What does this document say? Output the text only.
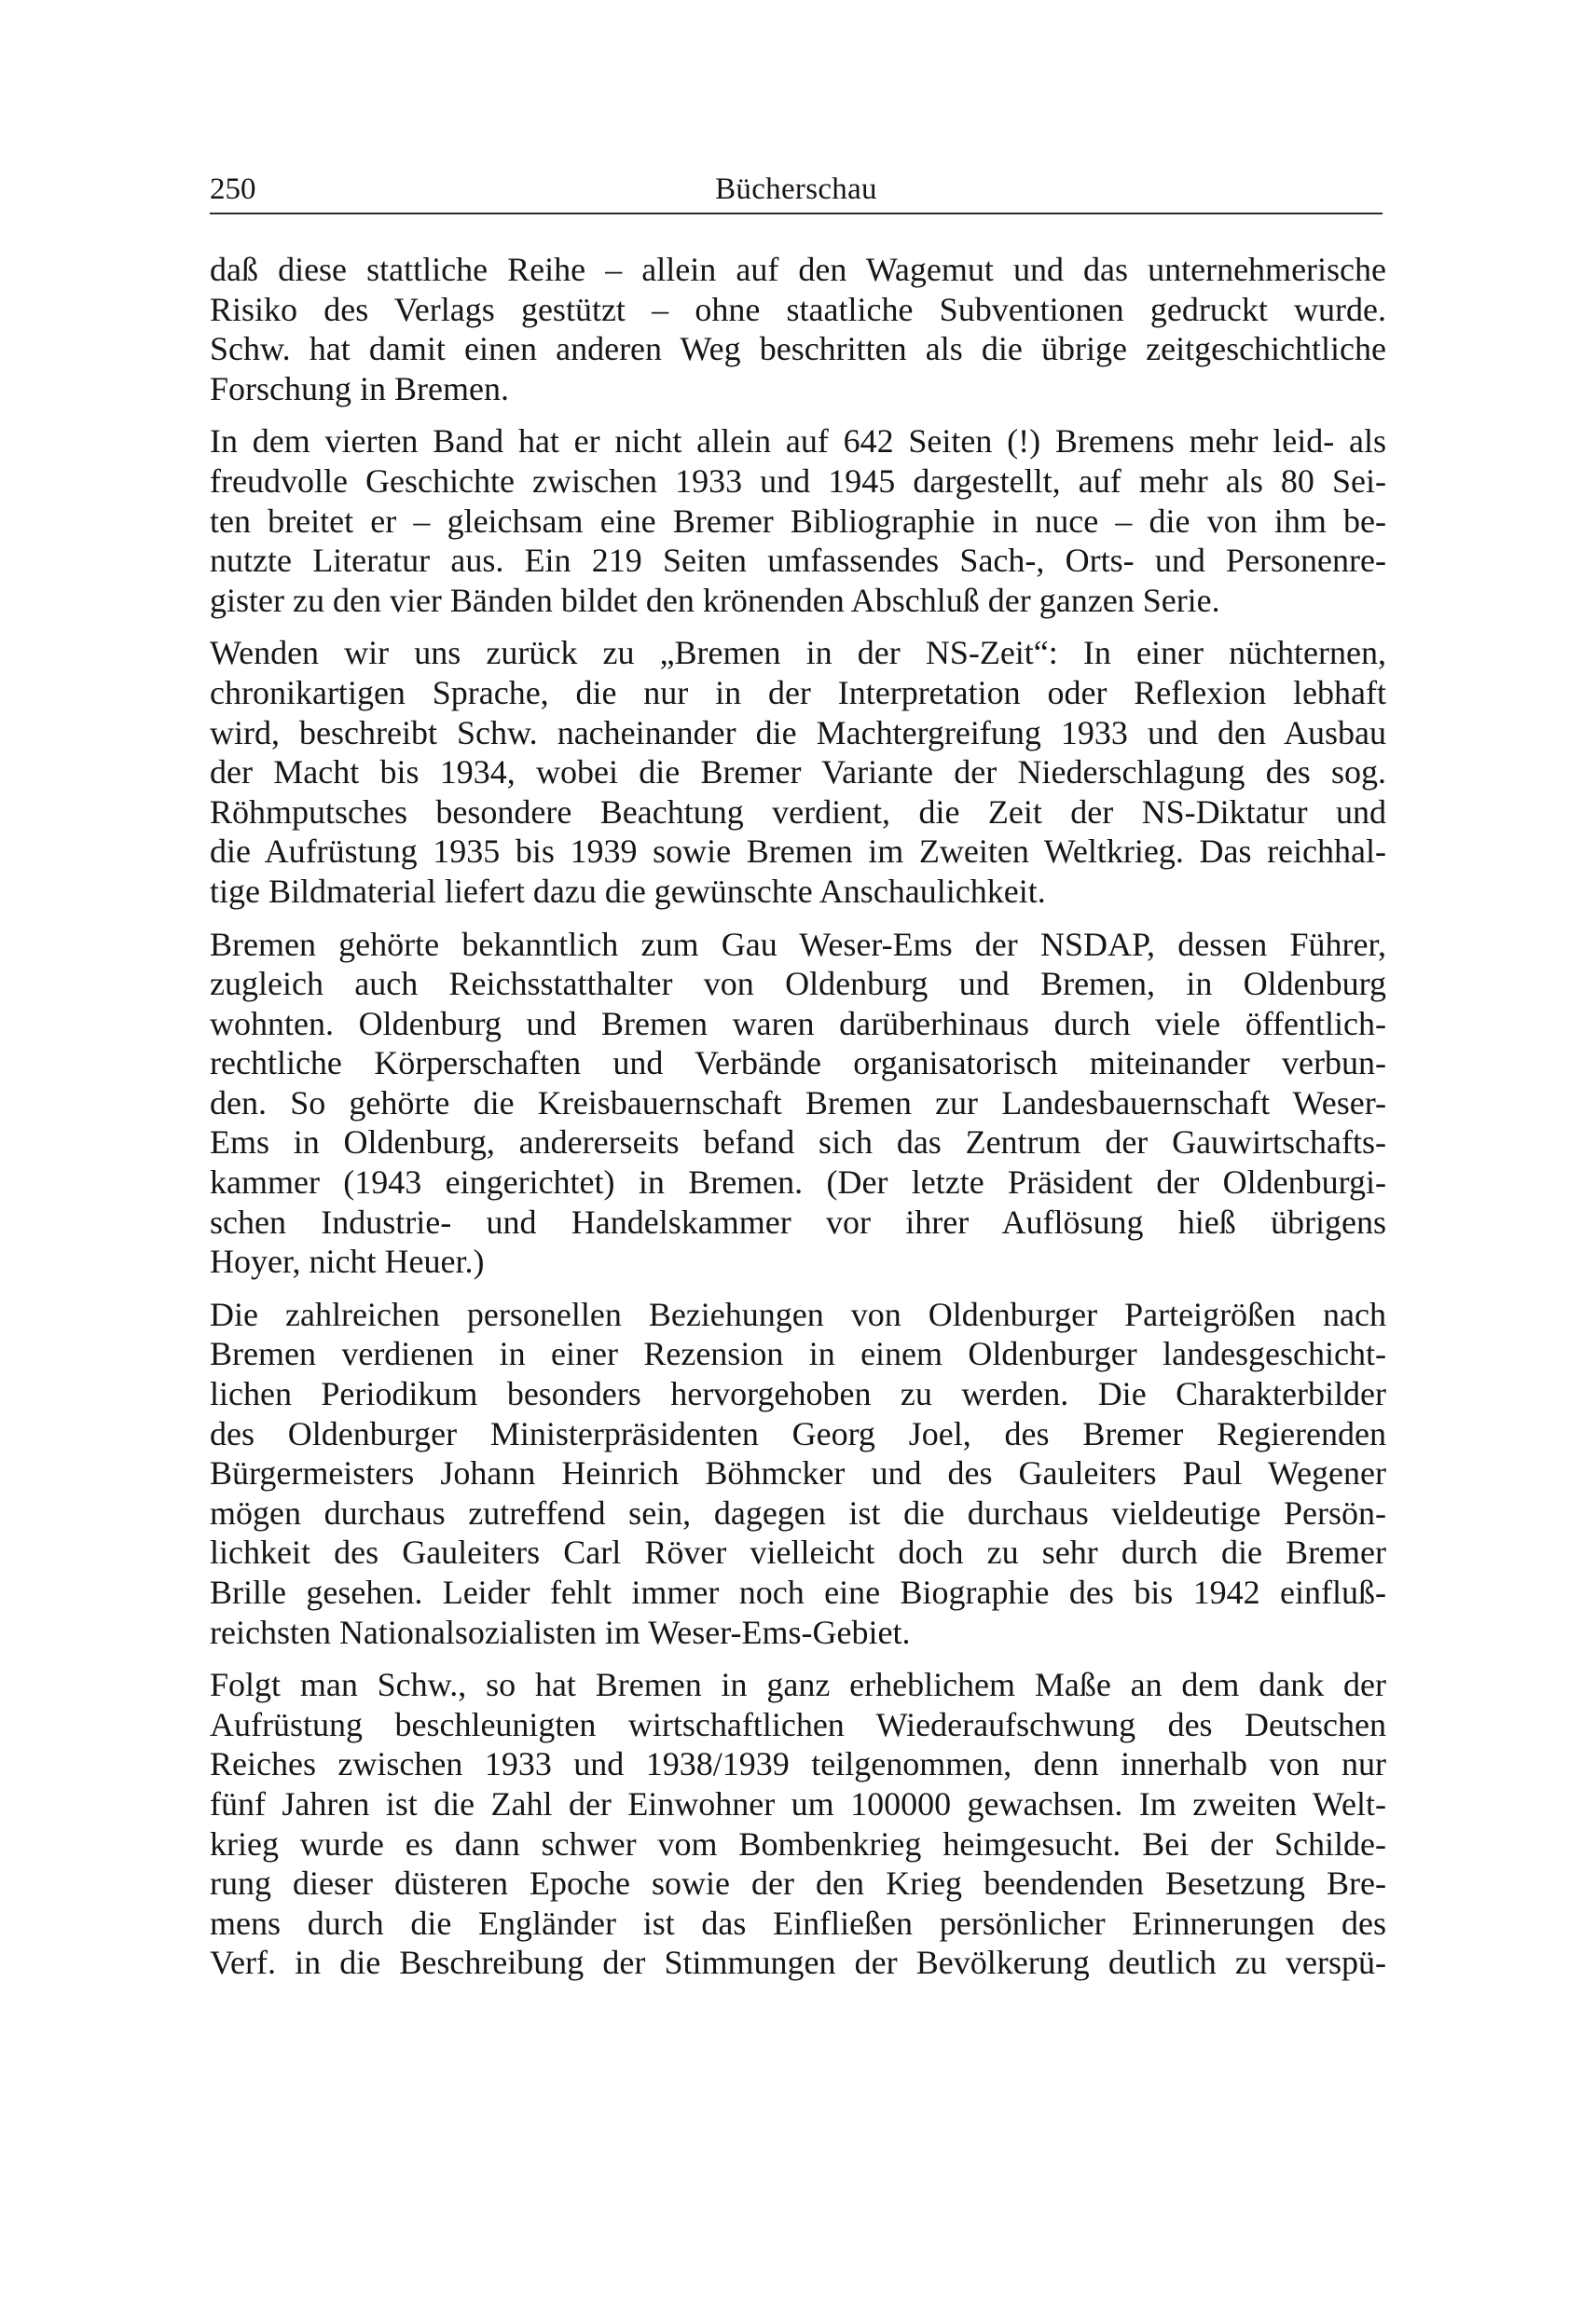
250	Bücherschau
daß diese stattliche Reihe – allein auf den Wagemut und das unternehmerische
Risiko des Verlags gestützt – ohne staatliche Subventionen gedruckt wurde.
Schw. hat damit einen anderen Weg beschritten als die übrige zeitgeschichtliche
Forschung in Bremen.
In dem vierten Band hat er nicht allein auf 642 Seiten (!) Bremens mehr leid- als
freudvolle Geschichte zwischen 1933 und 1945 dargestellt, auf mehr als 80 Sei-
ten breitet er – gleichsam eine Bremer Bibliographie in nuce – die von ihm be-
nutzte Literatur aus. Ein 219 Seiten umfassendes Sach-, Orts- und Personenre-
gister zu den vier Bänden bildet den krönenden Abschluß der ganzen Serie.
Wenden wir uns zurück zu „Bremen in der NS-Zeit“: In einer nüchternen,
chronikartigen Sprache, die nur in der Interpretation oder Reflexion lebhaft
wird, beschreibt Schw. nacheinander die Machtergreifung 1933 und den Ausbau
der Macht bis 1934, wobei die Bremer Variante der Niederschlagung des sog.
Röhmputsches besondere Beachtung verdient, die Zeit der NS-Diktatur und
die Aufrüstung 1935 bis 1939 sowie Bremen im Zweiten Weltkrieg. Das reichhal-
tige Bildmaterial liefert dazu die gewünschte Anschaulichkeit.
Bremen gehörte bekanntlich zum Gau Weser-Ems der NSDAP, dessen Führer,
zugleich auch Reichsstatthalter von Oldenburg und Bremen, in Oldenburg
wohnten. Oldenburg und Bremen waren darüberhinaus durch viele öffentlich-
rechtliche Körperschaften und Verbände organisatorisch miteinander verbun-
den. So gehörte die Kreisbauernschaft Bremen zur Landesbauernschaft Weser-
Ems in Oldenburg, andererseits befand sich das Zentrum der Gauwirtschafts-
kammer (1943 eingerichtet) in Bremen. (Der letzte Präsident der Oldenburgi-
schen Industrie- und Handelskammer vor ihrer Auflösung hieß übrigens
Hoyer, nicht Heuer.)
Die zahlreichen personellen Beziehungen von Oldenburger Parteigrößen nach
Bremen verdienen in einer Rezension in einem Oldenburger landesgeschicht-
lichen Periodikum besonders hervorgehoben zu werden. Die Charakterbilder
des Oldenburger Ministerpräsidenten Georg Joel, des Bremer Regierenden
Bürgermeisters Johann Heinrich Böhmcker und des Gauleiters Paul Wegener
mögen durchaus zutreffend sein, dagegen ist die durchaus vieldeutige Persön-
lichkeit des Gauleiters Carl Röver vielleicht doch zu sehr durch die Bremer
Brille gesehen. Leider fehlt immer noch eine Biographie des bis 1942 einfluß-
reichsten Nationalsozialisten im Weser-Ems-Gebiet.
Folgt man Schw., so hat Bremen in ganz erheblichem Maße an dem dank der
Aufrüstung beschleunigten wirtschaftlichen Wiederaufschwung des Deutschen
Reiches zwischen 1933 und 1938/1939 teilgenommen, denn innerhalb von nur
fünf Jahren ist die Zahl der Einwohner um 100000 gewachsen. Im zweiten Welt-
krieg wurde es dann schwer vom Bombenkrieg heimgesucht. Bei der Schilde-
rung dieser düsteren Epoche sowie der den Krieg beendenden Besetzung Bre-
mens durch die Engländer ist das Einfließen persönlicher Erinnerungen des
Verf. in die Beschreibung der Stimmungen der Bevölkerung deutlich zu verspü-
